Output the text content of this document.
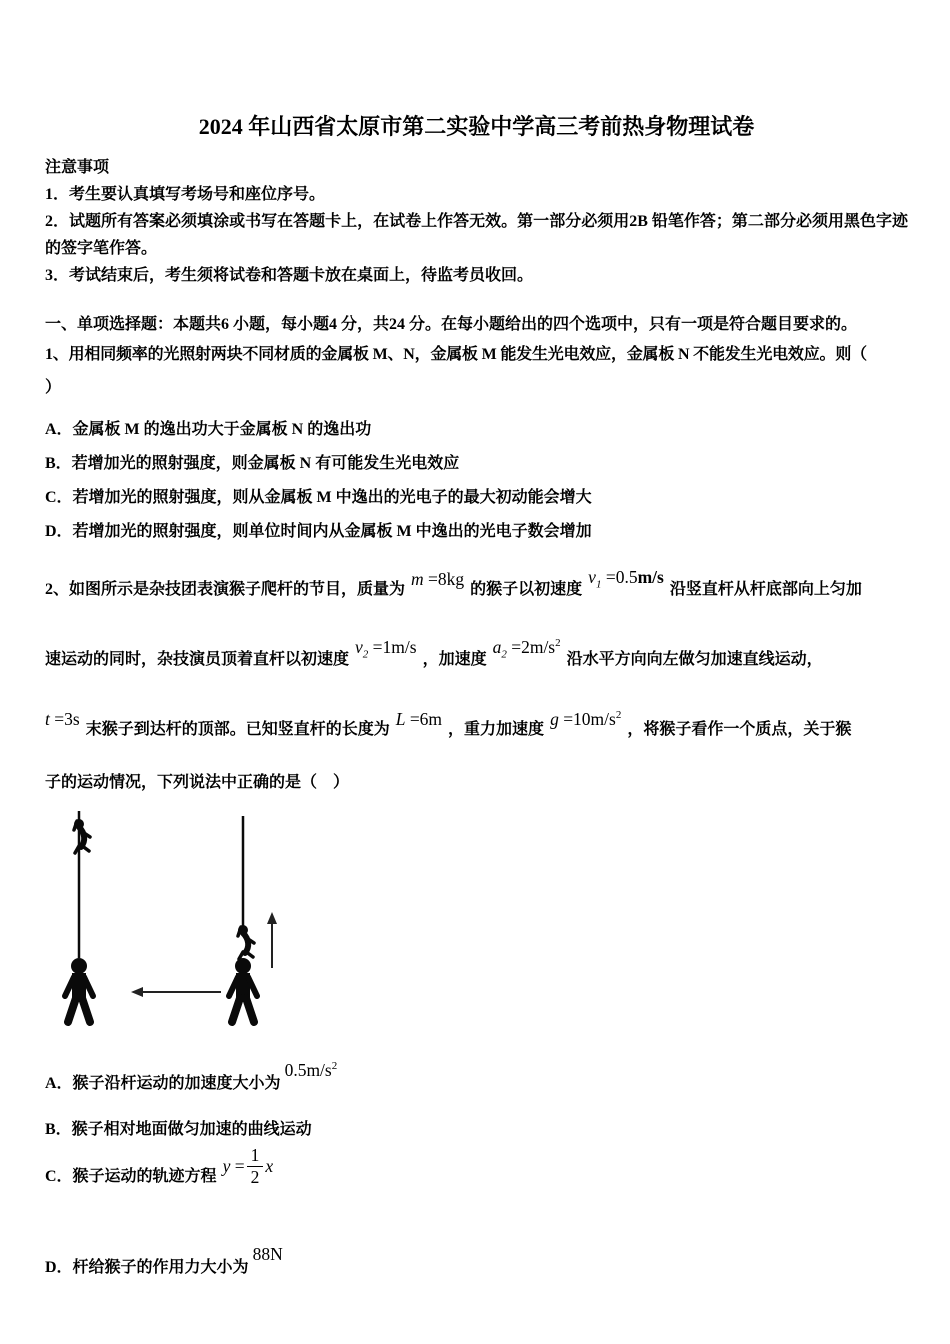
2024 年山西省太原市第二实验中学高三考前热身物理试卷
注意事项
1．考生要认真填写考场号和座位序号。
2．试题所有答案必须填涂或书写在答题卡上，在试卷上作答无效。第一部分必须用2B 铅笔作答；第二部分必须用黑色字迹的签字笔作答。
3．考试结束后，考生须将试卷和答题卡放在桌面上，待监考员收回。
一、单项选择题：本题共6 小题，每小题4 分，共24 分。在每小题给出的四个选项中，只有一项是符合题目要求的。
1、用相同频率的光照射两块不同材质的金属板 M、N，金属板 M 能发生光电效应，金属板 N 不能发生光电效应。则（
）
A．金属板 M 的逸出功大于金属板 N 的逸出功
B．若增加光的照射强度，则金属板 N 有可能发生光电效应
C．若增加光的照射强度，则从金属板 M 中逸出的光电子的最大初动能会增大
D．若增加光的照射强度，则单位时间内从金属板 M 中逸出的光电子数会增加
2、如图所示是杂技团表演猴子爬杆的节目，质量为
m =8kg
的猴子以初速度
$v_1 =0.5m/s$
沿竖直杆从杆底部向上匀加
速运动的同时，杂技演员顶着直杆以初速度
$v_2 =1m/s$
，加速度
$a_2 =2m/s^2$
沿水平方向向左做匀加速直线运动，
t =3s
末猴子到达杆的顶部。已知竖直杆的长度为
L =6m
，重力加速度
$g =10m/s^2$
，将猴子看作一个质点，关于猴
子的运动情况，下列说法中正确的是（　）
A．猴子沿杆运动的加速度大小为
$0.5m/s^2$
B．猴子相对地面做匀加速的曲线运动
C．猴子运动的轨迹方程
y
= $\frac{1}{2}$ x
D．杆给猴子的作用力大小为
88N
